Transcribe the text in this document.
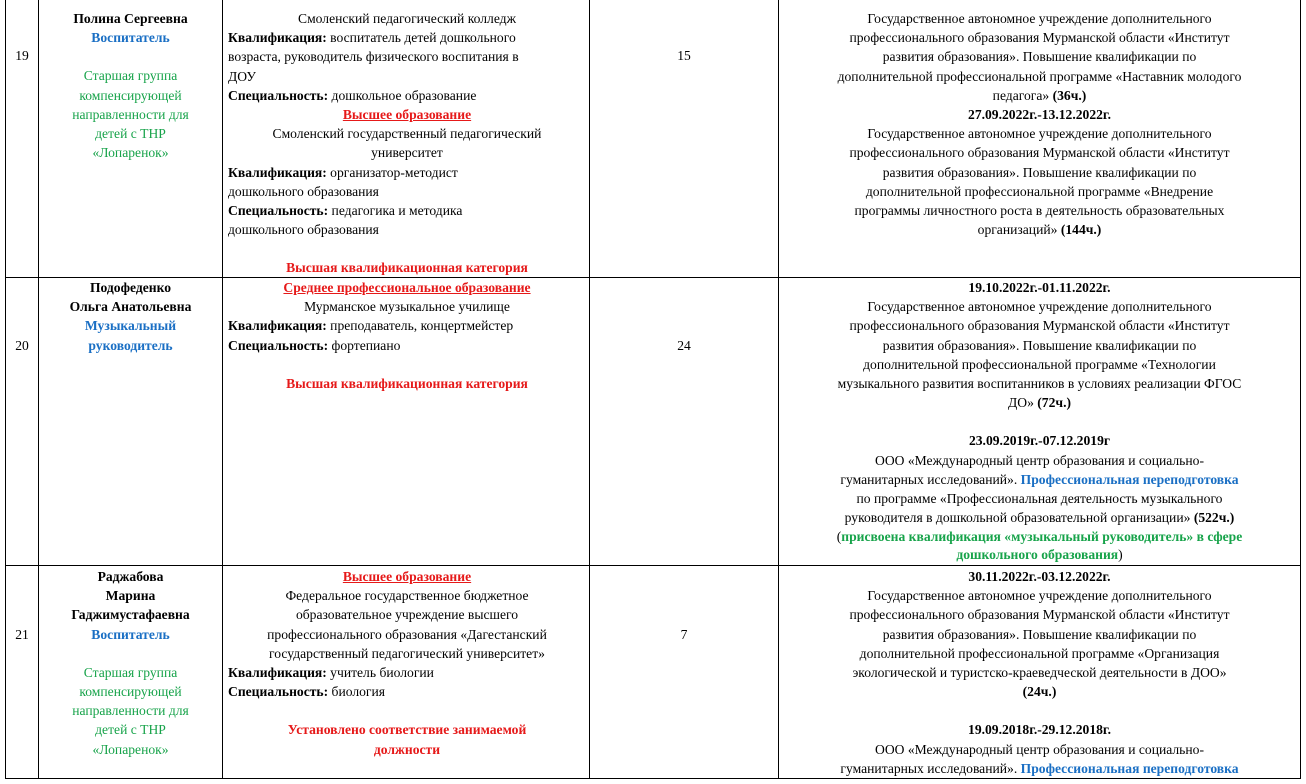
19

Полина Сергеевна

Воспитатель

Старшая группа

компенсирующей

направленности для

детей с ТНР

«Лопаренок»

Смоленский педагогический колледж

Квалификация: воспитатель детей дошкольного

возраста, руководитель физического воспитания в

ДОУ

Специальность: дошкольное образование

Высшее образование

Смоленский государственный педагогический

университет

Квалификация: организатор-методист

дошкольного образования

Специальность: педагогика и методика

дошкольного образования

Высшая квалификационная категория

15

Государственное автономное учреждение дополнительного

профессионального образования Мурманской области «Институт

развития образования». Повышение квалификации по

дополнительной профессиональной программе «Наставник молодого

педагога» (36ч.)

27.09.2022г.-13.12.2022г.

Государственное автономное учреждение дополнительного

профессионального образования Мурманской области «Институт

развития образования». Повышение квалификации по

дополнительной профессиональной программе «Внедрение

программы личностного роста в деятельность образовательных

организаций» (144ч.)

20

Подофеденко

Ольга Анатольевна

Музыкальный

руководитель

Среднее профессиональное образование

Мурманское музыкальное училище

Квалификация: преподаватель, концертмейстер

Специальность: фортепиано

Высшая квалификационная категория

24

19.10.2022г.-01.11.2022г.

Государственное автономное учреждение дополнительного

профессионального образования Мурманской области «Институт

развития образования». Повышение квалификации по

дополнительной профессиональной программе «Технологии

музыкального развития воспитанников в условиях реализации ФГОС

ДО» (72ч.)

23.09.2019г.-07.12.2019г

ООО «Международный центр образования и социально-

гуманитарных исследований». Профессиональная переподготовка

по программе «Профессиональная деятельность музыкального

руководителя в дошкольной образовательной организации» (522ч.)

(присвоена квалификация «музыкальный руководитель» в сфере

дошкольного образования)

21

Раджабова

Марина

Гаджимустафаевна

Воспитатель

Старшая группа

компенсирующей

направленности для

детей с ТНР

«Лопаренок»

Высшее образование

Федеральное государственное бюджетное

образовательное учреждение высшего

профессионального образования «Дагестанский

государственный педагогический университет»

Квалификация: учитель биологии

Специальность: биология

Установлено соответствие занимаемой

должности

7

30.11.2022г.-03.12.2022г.

Государственное автономное учреждение дополнительного

профессионального образования Мурманской области «Институт

развития образования». Повышение квалификации по

дополнительной профессиональной программе «Организация

экологической и туристско-краеведческой деятельности в ДОО»

(24ч.)

19.09.2018г.-29.12.2018г.

ООО «Международный центр образования и социально-

гуманитарных исследований». Профессиональная переподготовка
